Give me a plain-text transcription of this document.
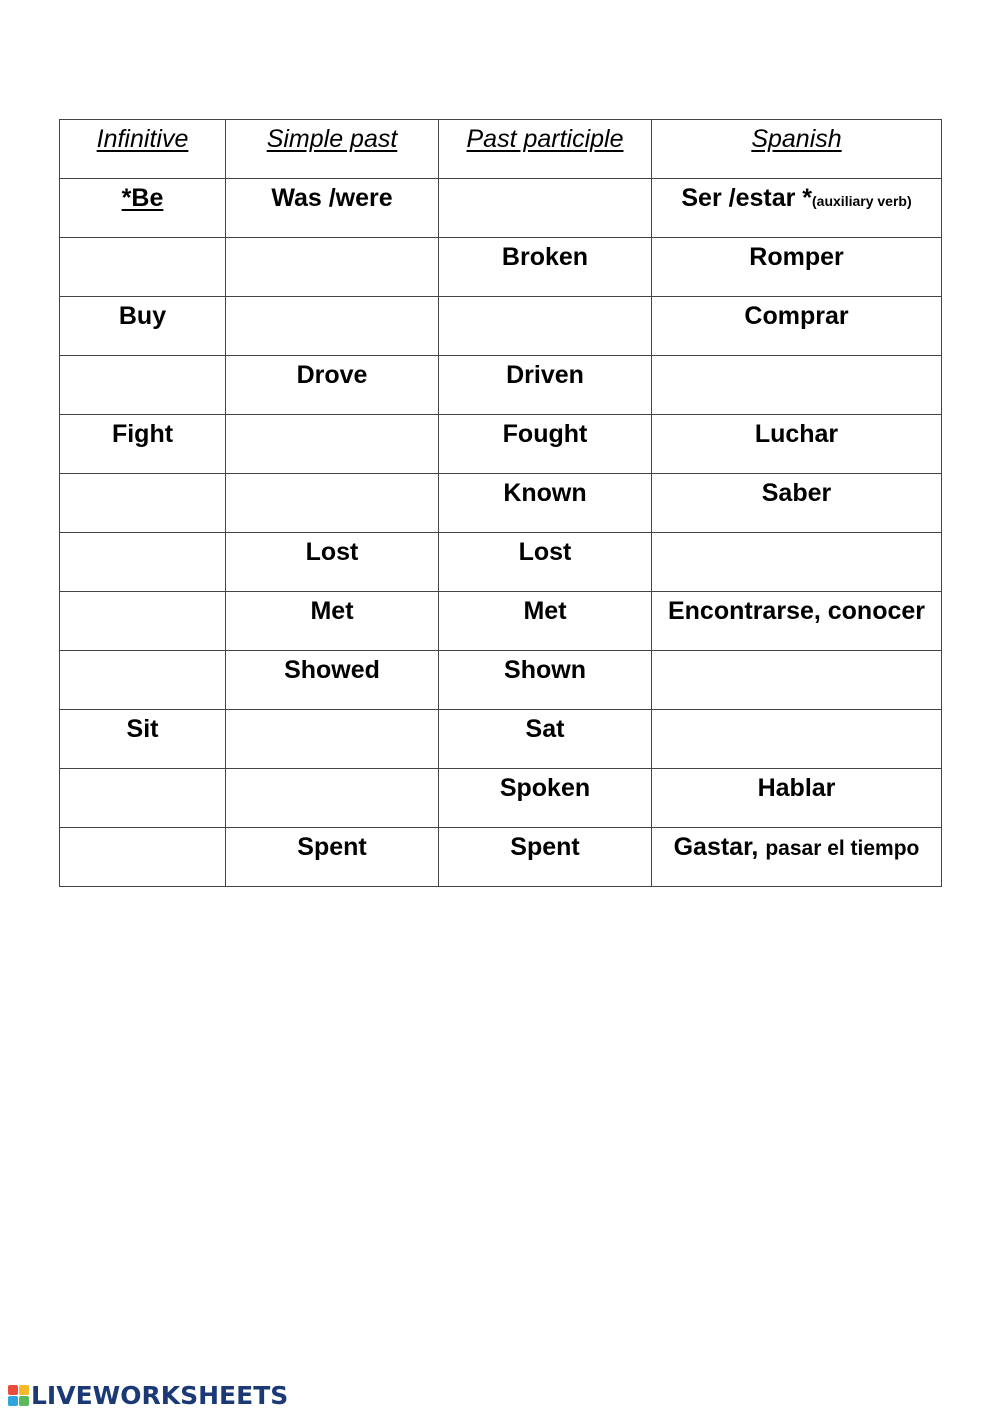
Infinitive	Simple past	Past participle	Spanish
*Be	Was /were		Ser /estar *(auxiliary verb)
		Broken	Romper
Buy			Comprar
	Drove	Driven	
Fight		Fought	Luchar
		Known	Saber
	Lost	Lost	
	Met	Met	Encontrarse, conocer
	Showed	Shown	
Sit		Sat	
		Spoken	Hablar
	Spent	Spent	Gastar, pasar el tiempo
LIVEWORKSHEETS
